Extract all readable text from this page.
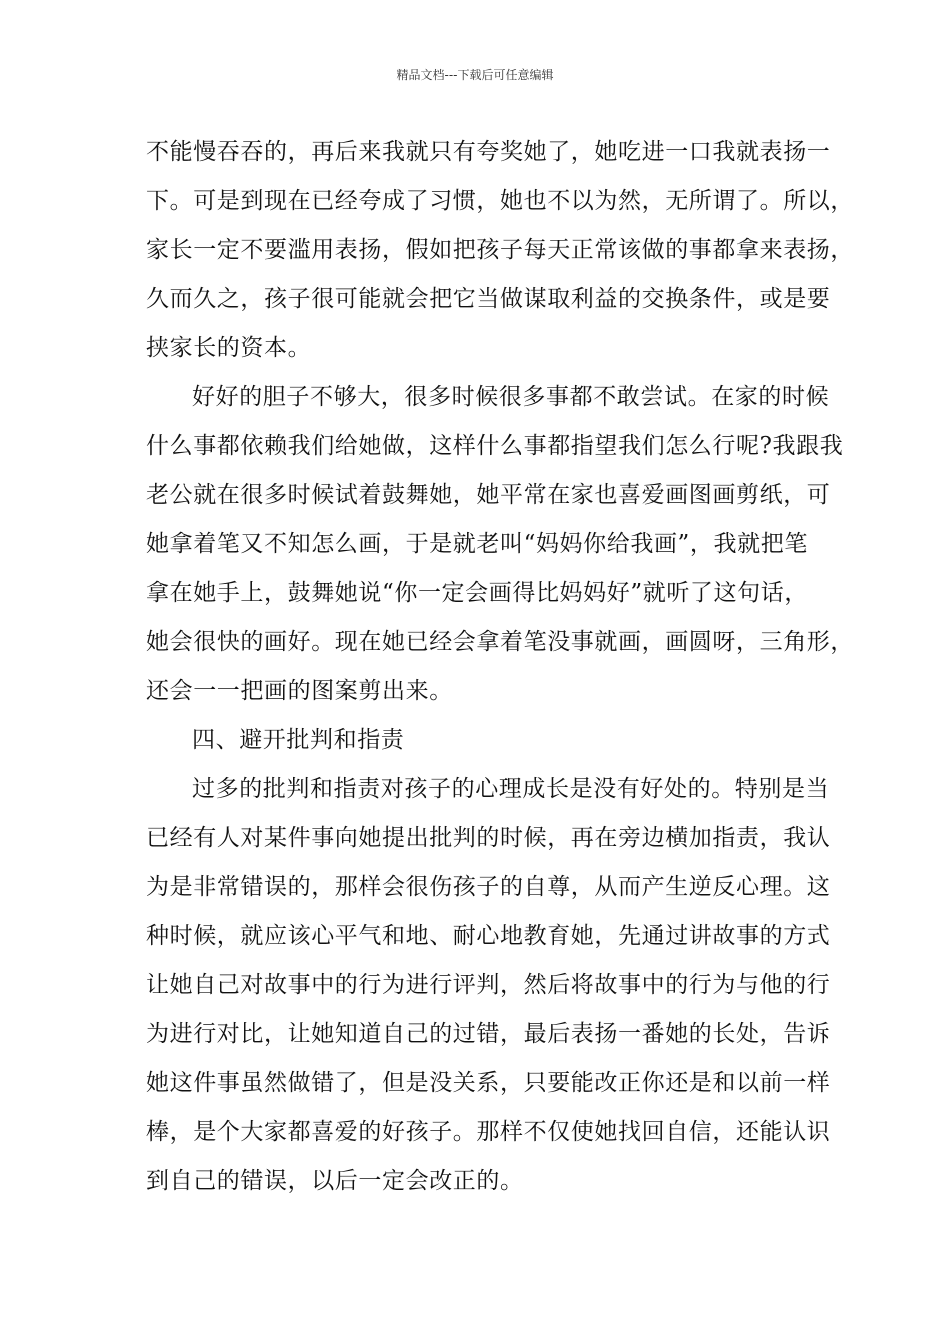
精品文档---下载后可任意编辑
不能慢吞吞的，再后来我就只有夸奖她了，她吃进一口我就表扬一
下。可是到现在已经夸成了习惯，她也不以为然，无所谓了。所以，
家长一定不要滥用表扬，假如把孩子每天正常该做的事都拿来表扬，
久而久之，孩子很可能就会把它当做谋取利益的交换条件，或是要
挟家长的资本。
好好的胆子不够大，很多时候很多事都不敢尝试。在家的时候
什么事都依赖我们给她做，这样什么事都指望我们怎么行呢?我跟我
老公就在很多时候试着鼓舞她，她平常在家也喜爱画图画剪纸，可
她拿着笔又不知怎么画，于是就老叫“妈妈你给我画”，我就把笔
拿在她手上，鼓舞她说“你一定会画得比妈妈好”就听了这句话，
她会很快的画好。现在她已经会拿着笔没事就画，画圆呀，三角形，
还会一一把画的图案剪出来。
四、避开批判和指责
过多的批判和指责对孩子的心理成长是没有好处的。特别是当
已经有人对某件事向她提出批判的时候，再在旁边横加指责，我认
为是非常错误的，那样会很伤孩子的自尊，从而产生逆反心理。这
种时候，就应该心平气和地、耐心地教育她，先通过讲故事的方式
让她自己对故事中的行为进行评判，然后将故事中的行为与他的行
为进行对比，让她知道自己的过错，最后表扬一番她的长处，告诉
她这件事虽然做错了，但是没关系，只要能改正你还是和以前一样
棒，是个大家都喜爱的好孩子。那样不仅使她找回自信，还能认识
到自己的错误，以后一定会改正的。
